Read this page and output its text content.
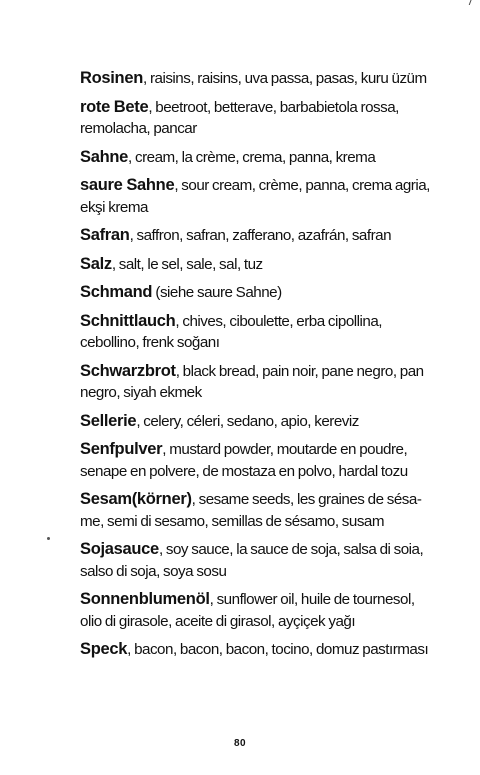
Rosinen, raisins, raisins, uva passa, pasas, kuru üzüm

rote Bete, beetroot, betterave, barbabietola rossa, remolacha, pancar

Sahne, cream, la crème, crema, panna, krema

saure Sahne, sour cream, crème, panna, crema agria, ekşi krema

Safran, saffron, safran, zafferano, azafrán, safran

Salz, salt, le sel, sale, sal, tuz

Schmand (siehe saure Sahne)

Schnittlauch, chives, ciboulette, erba cipollina, cebollino, frenk soğanı

Schwarzbrot, black bread, pain noir, pane negro, pan negro, siyah ekmek

Sellerie, celery, céleri, sedano, apio, kereviz

Senfpulver, mustard powder, moutarde en poudre, senape en polvere, de mostaza en polvo, hardal tozu

Sesam(körner), sesame seeds, les graines de sésa-me, semi di sesamo, semillas de sésamo, susam

Sojasauce, soy sauce, la sauce de soja, salsa di soia, salso di soja, soya sosu

Sonnenblumenöl, sunflower oil, huile de tournesol, olio di girasole, aceite di girasol, ayçiçek yağı

Speck, bacon, bacon, bacon, tocino, domuz pastırması

80
